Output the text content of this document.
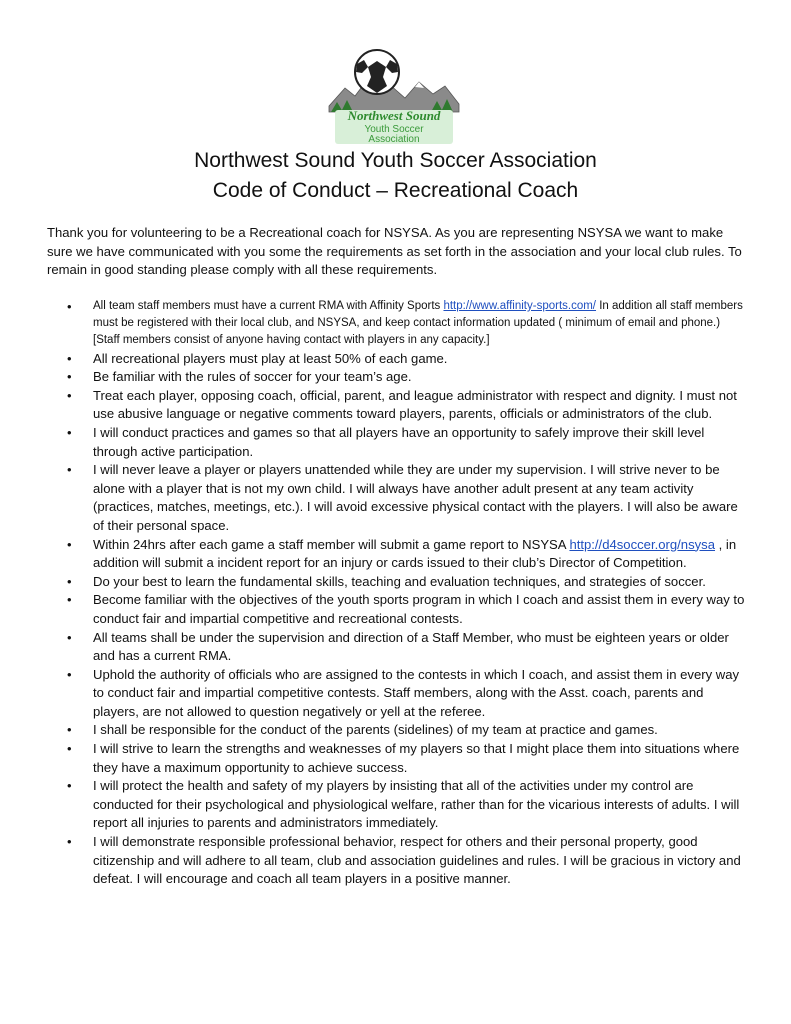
Northwest Sound
Youth Soccer
Association
Northwest Sound Youth Soccer Association
Code of Conduct – Recreational Coach

Thank you for volunteering to be a Recreational coach for NSYSA. As you are representing NSYSA we want to make sure we have communicated with you some the requirements as set forth in the association and your local club rules. To remain in good standing please comply with all these requirements.

• All team staff members must have a current RMA with Affinity Sports http://www.affinity-sports.com/ In addition all staff members must be registered with their local club, and NSYSA, and keep contact information updated ( minimum of email and phone.) [Staff members consist of anyone having contact with players in any capacity.]
• All recreational players must play at least 50% of each game.
• Be familiar with the rules of soccer for your team’s age.
• Treat each player, opposing coach, official, parent, and league administrator with respect and dignity. I must not use abusive language or negative comments toward players, parents, officials or administrators of the club.
• I will conduct practices and games so that all players have an opportunity to safely improve their skill level through active participation.
• I will never leave a player or players unattended while they are under my supervision. I will strive never to be alone with a player that is not my own child. I will always have another adult present at any team activity (practices, matches, meetings, etc.). I will avoid excessive physical contact with the players. I will also be aware of their personal space.
• Within 24hrs after each game a staff member will submit a game report to NSYSA http://d4soccer.org/nsysa , in addition will submit a incident report for an injury or cards issued to their club’s Director of Competition.
• Do your best to learn the fundamental skills, teaching and evaluation techniques, and strategies of soccer.
• Become familiar with the objectives of the youth sports program in which I coach and assist them in every way to conduct fair and impartial competitive and recreational contests.
• All teams shall be under the supervision and direction of a Staff Member, who must be eighteen years or older and has a current RMA.
• Uphold the authority of officials who are assigned to the contests in which I coach, and assist them in every way to conduct fair and impartial competitive contests. Staff members, along with the Asst. coach, parents and players, are not allowed to question negatively or yell at the referee.
• I shall be responsible for the conduct of the parents (sidelines) of my team at practice and games.
• I will strive to learn the strengths and weaknesses of my players so that I might place them into situations where they have a maximum opportunity to achieve success.
• I will protect the health and safety of my players by insisting that all of the activities under my control are conducted for their psychological and physiological welfare, rather than for the vicarious interests of adults. I will report all injuries to parents and administrators immediately.
• I will demonstrate responsible professional behavior, respect for others and their personal property, good citizenship and will adhere to all team, club and association guidelines and rules. I will be gracious in victory and defeat. I will encourage and coach all team players in a positive manner.
